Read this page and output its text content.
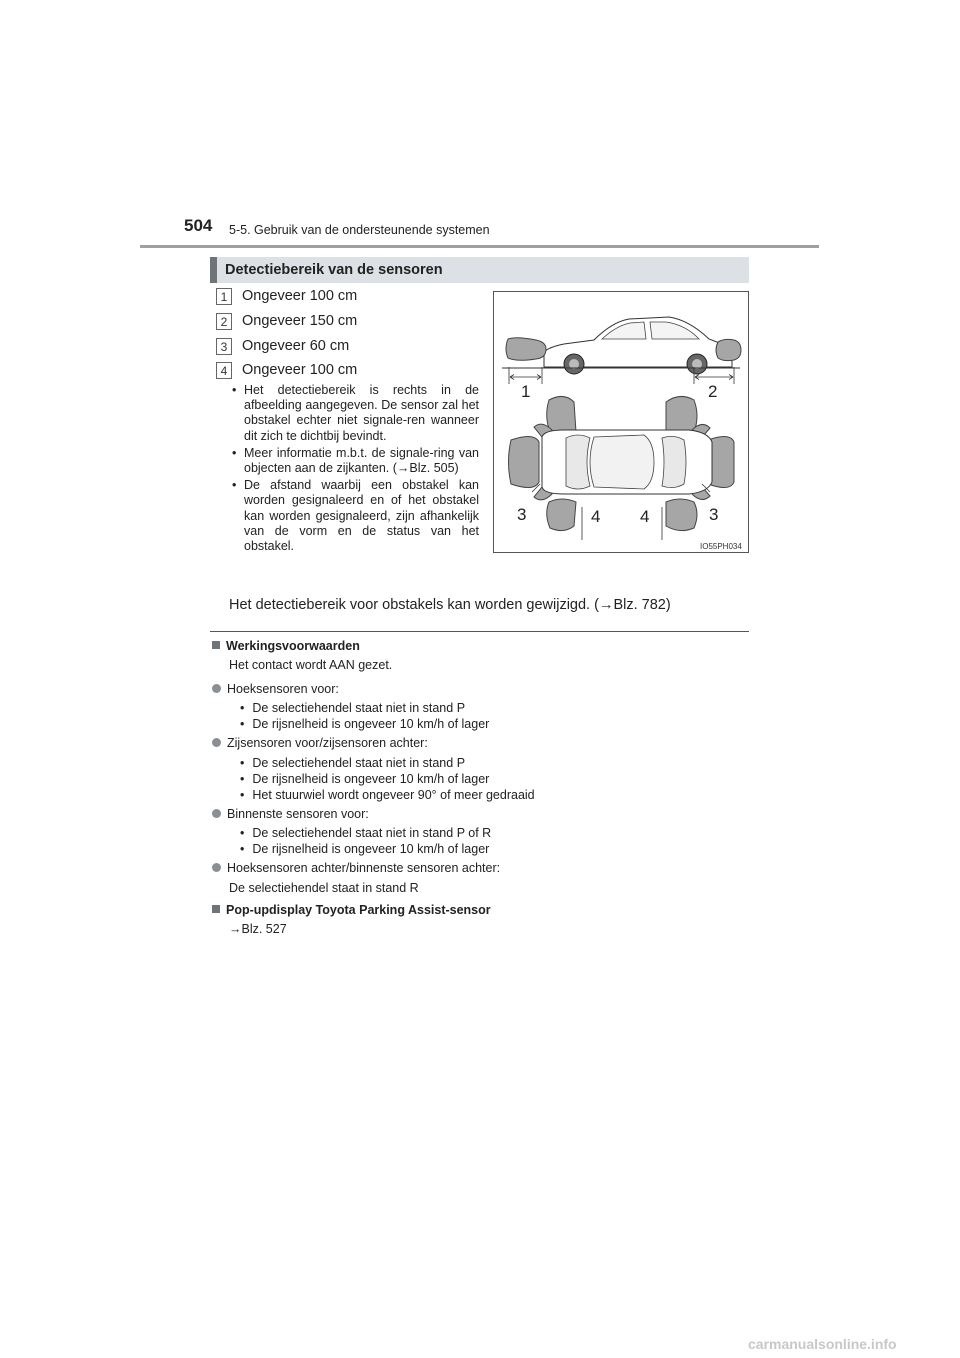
504 5-5. Gebruik van de ondersteunende systemen
Detectiebereik van de sensoren
1	Ongeveer 100 cm
2	Ongeveer 150 cm
3	Ongeveer 60 cm
4	Ongeveer 100 cm
• Het detectiebereik is rechts in de afbeelding aangegeven. De sensor zal het obstakel echter niet signale-ren wanneer dit zich te dichtbij bevindt.
• Meer informatie m.b.t. de signale-ring van objecten aan de zijkanten. (→Blz. 505)
• De afstand waarbij een obstakel kan worden gesignaleerd en of het obstakel kan worden gesignaleerd, zijn afhankelijk van de vorm en de status van het obstakel.
Het detectiebereik voor obstakels kan worden gewijzigd. (→Blz. 782)
1	2
3	4 4	3
IO55PH034
Werkingsvoorwaarden
Het contact wordt AAN gezet.
Hoeksensoren voor:
• De selectiehendel staat niet in stand P
• De rijsnelheid is ongeveer 10 km/h of lager
Zijsensoren voor/zijsensoren achter:
• De selectiehendel staat niet in stand P
• De rijsnelheid is ongeveer 10 km/h of lager
• Het stuurwiel wordt ongeveer 90° of meer gedraaid
Binnenste sensoren voor:
• De selectiehendel staat niet in stand P of R
• De rijsnelheid is ongeveer 10 km/h of lager
Hoeksensoren achter/binnenste sensoren achter:
De selectiehendel staat in stand R
Pop-updisplay Toyota Parking Assist-sensor
→Blz. 527
carmanualsonline.info
